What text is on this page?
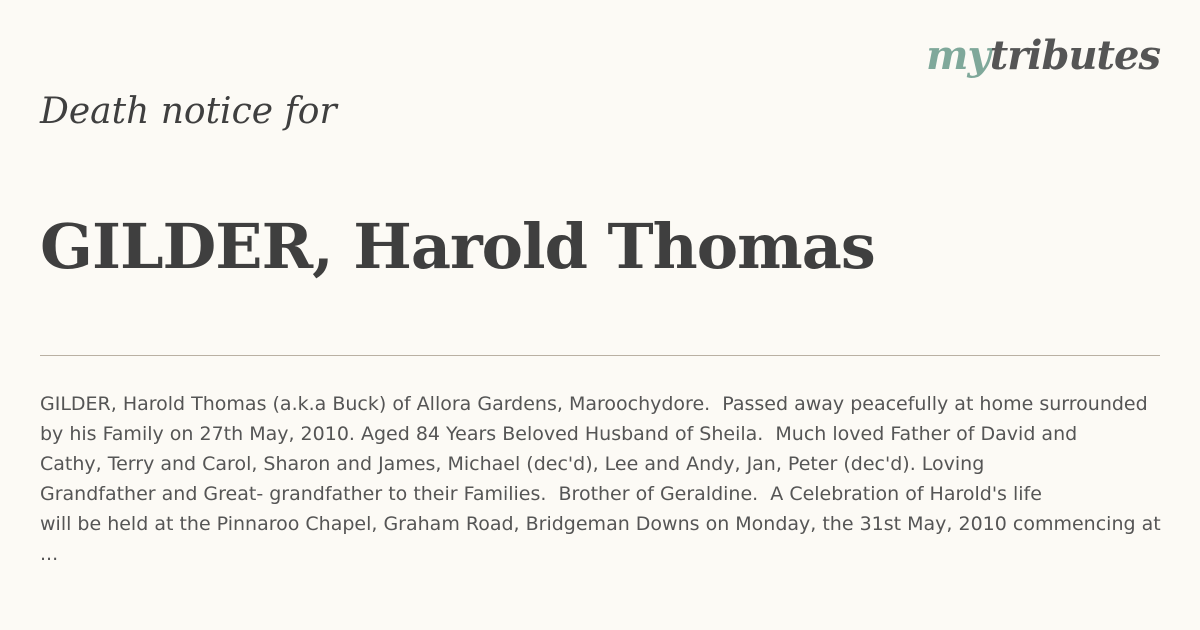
mytributes
Death notice for
GILDER, Harold Thomas
GILDER, Harold Thomas (a.k.a Buck) of Allora Gardens, Maroochydore.  Passed away peacefully at home surrounded
by his Family on 27th May, 2010. Aged 84 Years Beloved Husband of Sheila.  Much loved Father of David and
Cathy, Terry and Carol, Sharon and James, Michael (dec'd), Lee and Andy, Jan, Peter (dec'd). Loving
Grandfather and Great- grandfather to their Families.  Brother of Geraldine.  A Celebration of Harold's life
will be held at the Pinnaroo Chapel, Graham Road, Bridgeman Downs on Monday, the 31st May, 2010 commencing at
...
